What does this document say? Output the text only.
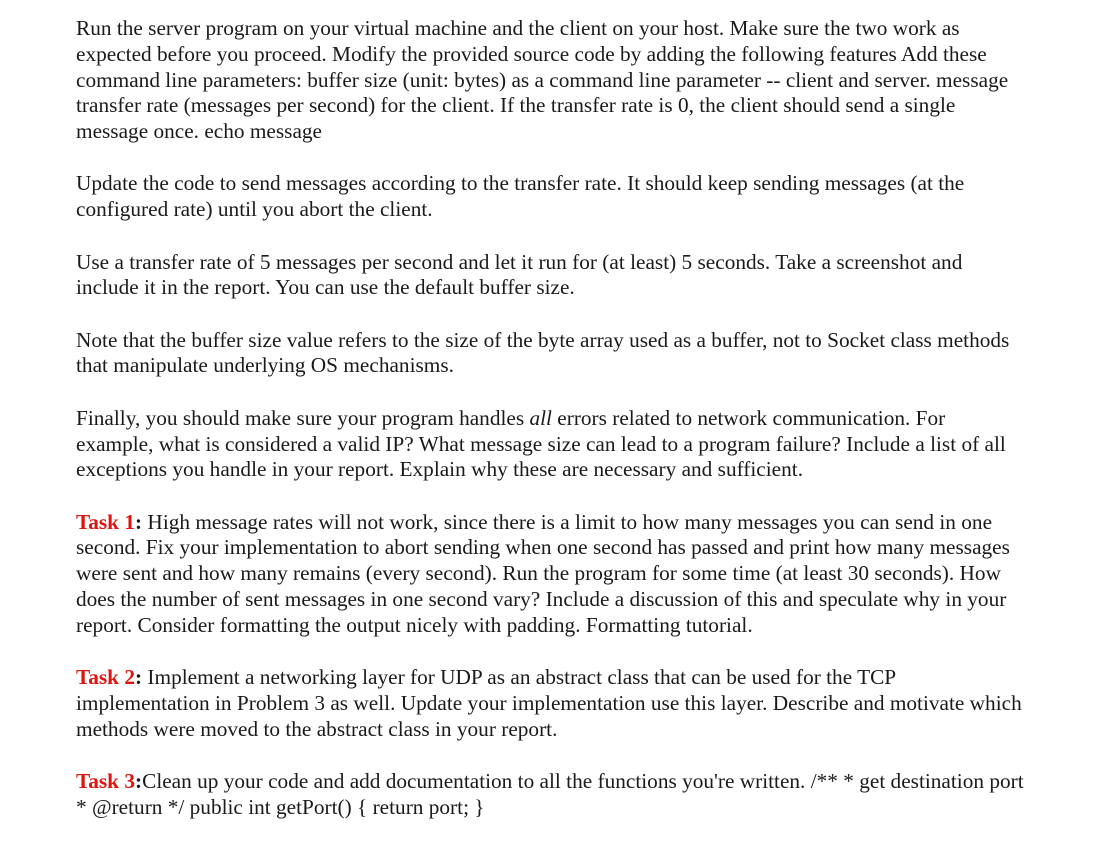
Run the server program on your virtual machine and the client on your host. Make sure the two work as expected before you proceed. Modify the provided source code by adding the following features Add these command line parameters: buffer size (unit: bytes) as a command line parameter -- client and server. message transfer rate (messages per second) for the client. If the transfer rate is 0, the client should send a single message once. echo message

Update the code to send messages according to the transfer rate. It should keep sending messages (at the configured rate) until you abort the client.

Use a transfer rate of 5 messages per second and let it run for (at least) 5 seconds. Take a screenshot and include it in the report. You can use the default buffer size.

Note that the buffer size value refers to the size of the byte array used as a buffer, not to Socket class methods that manipulate underlying OS mechanisms.

Finally, you should make sure your program handles all errors related to network communication. For example, what is considered a valid IP? What message size can lead to a program failure? Include a list of all exceptions you handle in your report. Explain why these are necessary and sufficient.

Task 1: High message rates will not work, since there is a limit to how many messages you can send in one second. Fix your implementation to abort sending when one second has passed and print how many messages were sent and how many remains (every second). Run the program for some time (at least 30 seconds). How does the number of sent messages in one second vary? Include a discussion of this and speculate why in your report. Consider formatting the output nicely with padding. Formatting tutorial.

Task 2: Implement a networking layer for UDP as an abstract class that can be used for the TCP implementation in Problem 3 as well. Update your implementation use this layer. Describe and motivate which methods were moved to the abstract class in your report.

Task 3:Clean up your code and add documentation to all the functions you're written. /** * get destination port * @return */ public int getPort() { return port; }
